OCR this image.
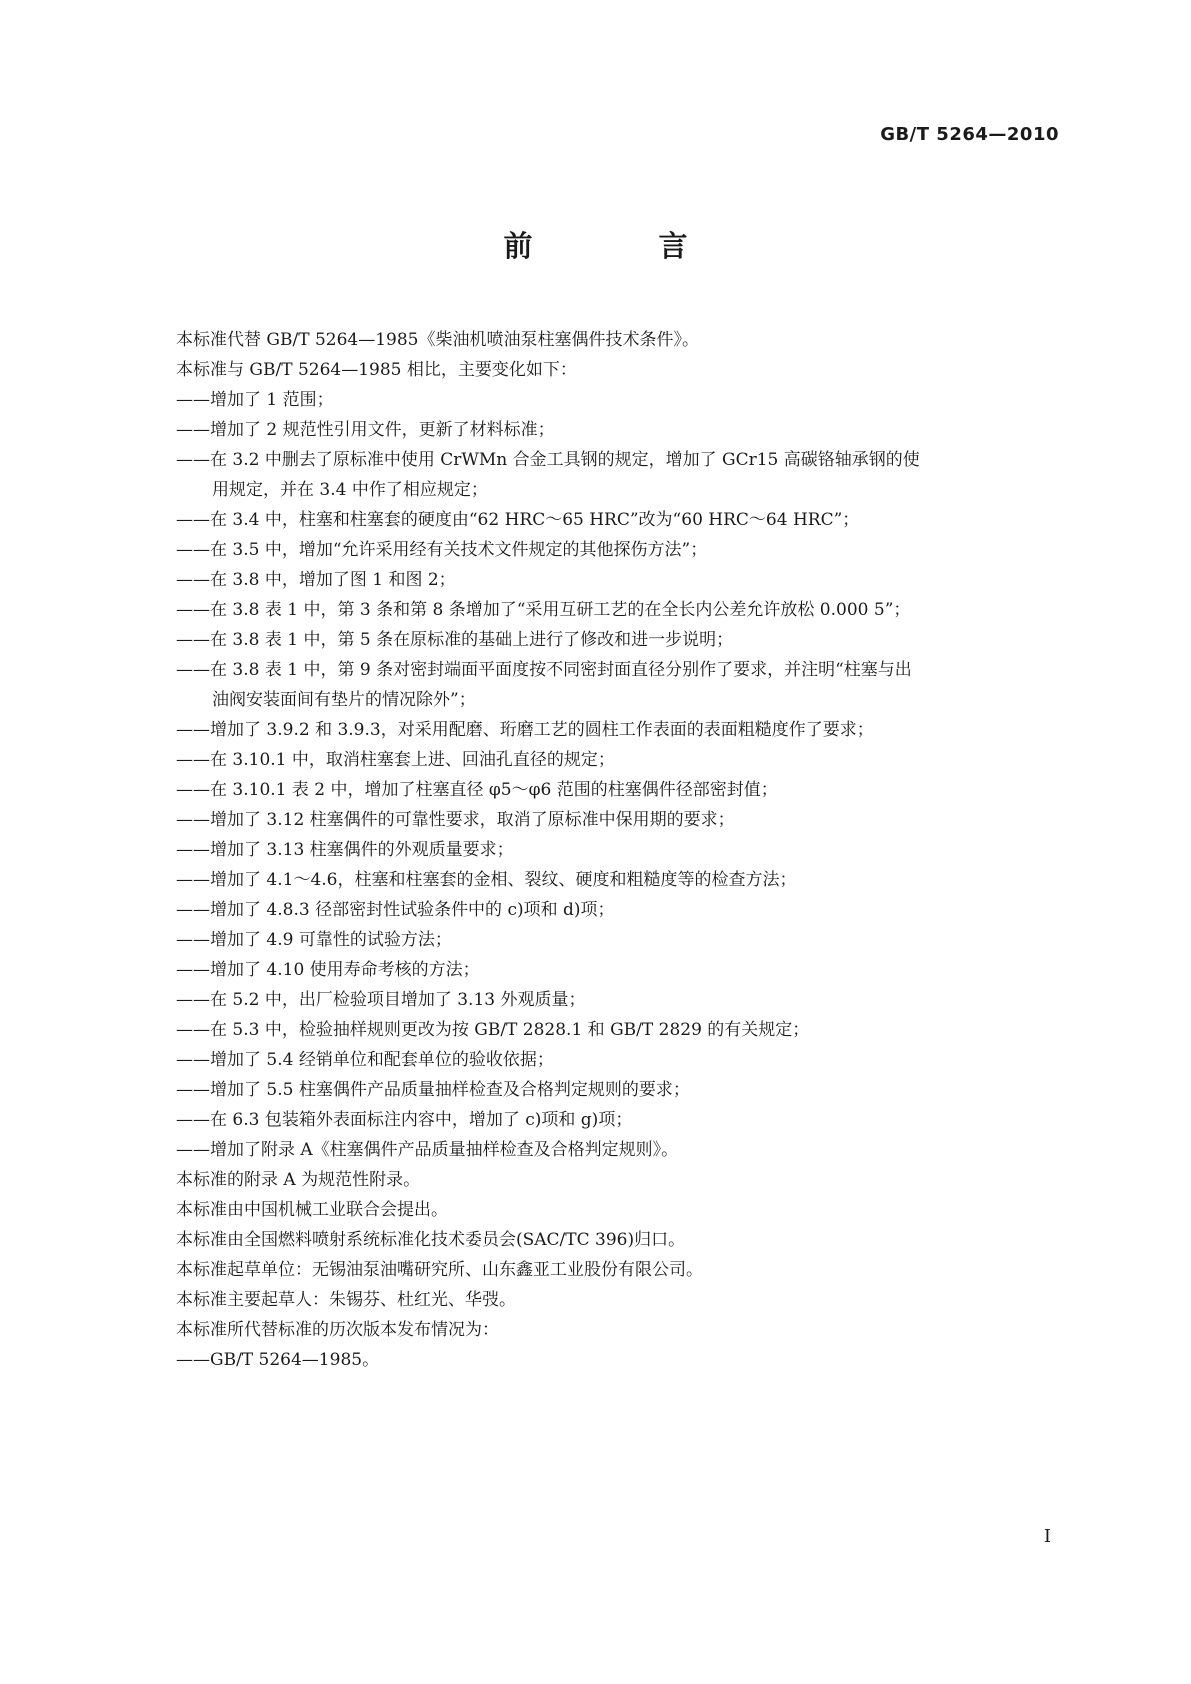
GB/T 5264—2010
前 言
本标准代替 GB/T 5264—1985《柴油机喷油泵柱塞偶件技术条件》。
本标准与 GB/T 5264—1985 相比，主要变化如下：
——增加了 1 范围；
——增加了 2 规范性引用文件，更新了材料标准；
——在 3.2 中删去了原标准中使用 CrWMn 合金工具钢的规定，增加了 GCr15 高碳铬轴承钢的使
用规定，并在 3.4 中作了相应规定；
——在 3.4 中，柱塞和柱塞套的硬度由“62 HRC～65 HRC”改为“60 HRC～64 HRC”；
——在 3.5 中，增加“允许采用经有关技术文件规定的其他探伤方法”；
——在 3.8 中，增加了图 1 和图 2；
——在 3.8 表 1 中，第 3 条和第 8 条增加了“采用互研工艺的在全长内公差允许放松 0.000 5”；
——在 3.8 表 1 中，第 5 条在原标准的基础上进行了修改和进一步说明；
——在 3.8 表 1 中，第 9 条对密封端面平面度按不同密封面直径分别作了要求，并注明“柱塞与出
油阀安装面间有垫片的情况除外”；
——增加了 3.9.2 和 3.9.3，对采用配磨、珩磨工艺的圆柱工作表面的表面粗糙度作了要求；
——在 3.10.1 中，取消柱塞套上进、回油孔直径的规定；
——在 3.10.1 表 2 中，增加了柱塞直径 φ5～φ6 范围的柱塞偶件径部密封值；
——增加了 3.12 柱塞偶件的可靠性要求，取消了原标准中保用期的要求；
——增加了 3.13 柱塞偶件的外观质量要求；
——增加了 4.1～4.6，柱塞和柱塞套的金相、裂纹、硬度和粗糙度等的检查方法；
——增加了 4.8.3 径部密封性试验条件中的 c)项和 d)项；
——增加了 4.9 可靠性的试验方法；
——增加了 4.10 使用寿命考核的方法；
——在 5.2 中，出厂检验项目增加了 3.13 外观质量；
——在 5.3 中，检验抽样规则更改为按 GB/T 2828.1 和 GB/T 2829 的有关规定；
——增加了 5.4 经销单位和配套单位的验收依据；
——增加了 5.5 柱塞偶件产品质量抽样检查及合格判定规则的要求；
——在 6.3 包装箱外表面标注内容中，增加了 c)项和 g)项；
——增加了附录 A《柱塞偶件产品质量抽样检查及合格判定规则》。
本标准的附录 A 为规范性附录。
本标准由中国机械工业联合会提出。
本标准由全国燃料喷射系统标准化技术委员会(SAC/TC 396)归口。
本标准起草单位：无锡油泵油嘴研究所、山东鑫亚工业股份有限公司。
本标准主要起草人：朱锡芬、杜红光、华弢。
本标准所代替标准的历次版本发布情况为：
——GB/T 5264—1985。
I
